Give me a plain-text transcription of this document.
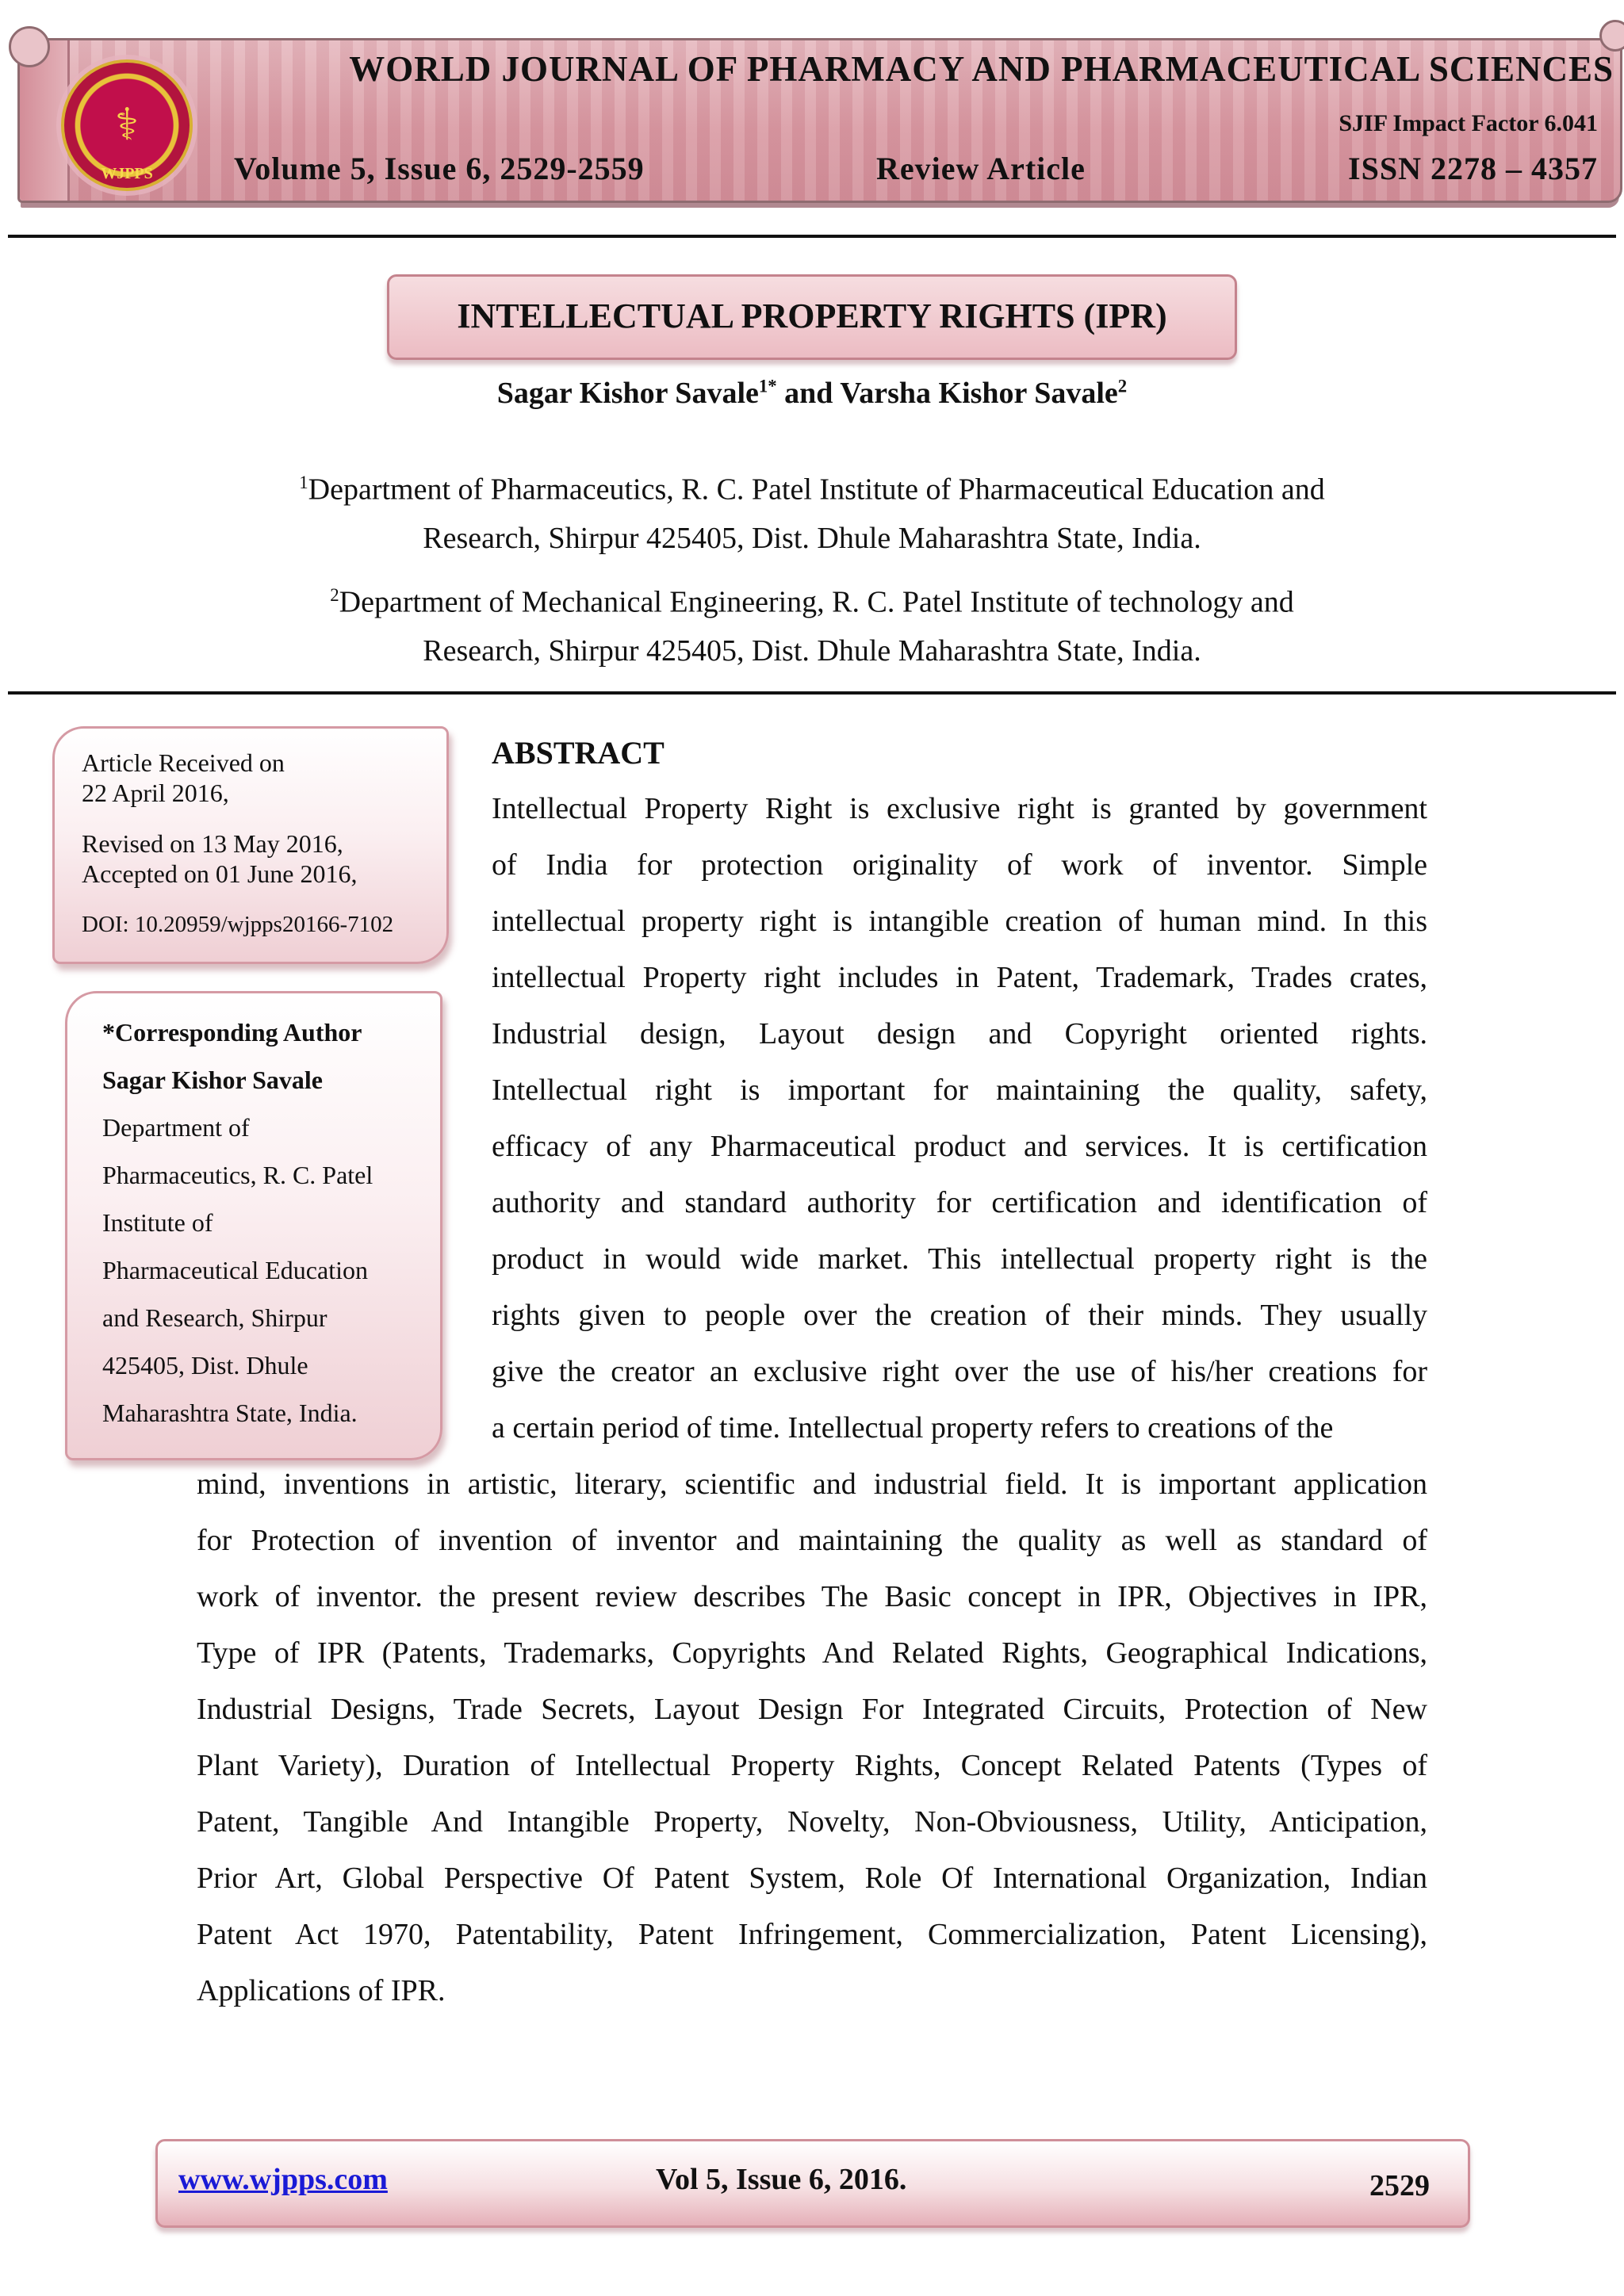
⚕
WJPPS
WORLD JOURNAL OF PHARMACY AND PHARMACEUTICAL SCIENCES
SJIF Impact Factor 6.041
Volume 5, Issue 6, 2529-2559	Review Article	ISSN 2278 – 4357
INTELLECTUAL PROPERTY RIGHTS (IPR)
Sagar Kishor Savale$^{1*}$ and Varsha Kishor Savale$^2$
$^1$Department of Pharmaceutics, R. C. Patel Institute of Pharmaceutical Education and
Research, Shirpur 425405, Dist. Dhule Maharashtra State, India.
$^2$Department of Mechanical Engineering, R. C. Patel Institute of technology and
Research, Shirpur 425405, Dist. Dhule Maharashtra State, India.
Article Received on
22 April 2016,
Revised on 13 May 2016,
Accepted on 01 June 2016,
DOI: 10.20959/wjpps20166-7102
*Corresponding Author
Sagar Kishor Savale
Department of
Pharmaceutics, R. C. Patel
Institute of
Pharmaceutical Education
and Research, Shirpur
425405, Dist. Dhule
Maharashtra State, India.
ABSTRACT
Intellectual Property Right is exclusive right is granted by government
of India for protection originality of work of inventor. Simple
intellectual property right is intangible creation of human mind. In this
intellectual Property right includes in Patent, Trademark, Trades crates,
Industrial design, Layout design and Copyright oriented rights.
Intellectual right is important for maintaining the quality, safety,
efficacy of any Pharmaceutical product and services. It is certification
authority and standard authority for certification and identification of
product in would wide market. This intellectual property right is the
rights given to people over the creation of their minds. They usually
give the creator an exclusive right over the use of his/her creations for
a certain period of time. Intellectual property refers to creations of the
mind, inventions in artistic, literary, scientific and industrial field. It is important application
for Protection of invention of inventor and maintaining the quality as well as standard of
work of inventor. the present review describes The Basic concept in IPR, Objectives in IPR,
Type of IPR (Patents, Trademarks, Copyrights And Related Rights, Geographical Indications,
Industrial Designs, Trade Secrets, Layout Design For Integrated Circuits, Protection of New
Plant Variety), Duration of Intellectual Property Rights, Concept Related Patents (Types of
Patent, Tangible And Intangible Property, Novelty, Non-Obviousness, Utility, Anticipation,
Prior Art, Global Perspective Of Patent System, Role Of International Organization, Indian
Patent Act 1970, Patentability, Patent Infringement, Commercialization, Patent Licensing),
Applications of IPR.
www.wjpps.com	Vol 5, Issue 6, 2016.	2529
